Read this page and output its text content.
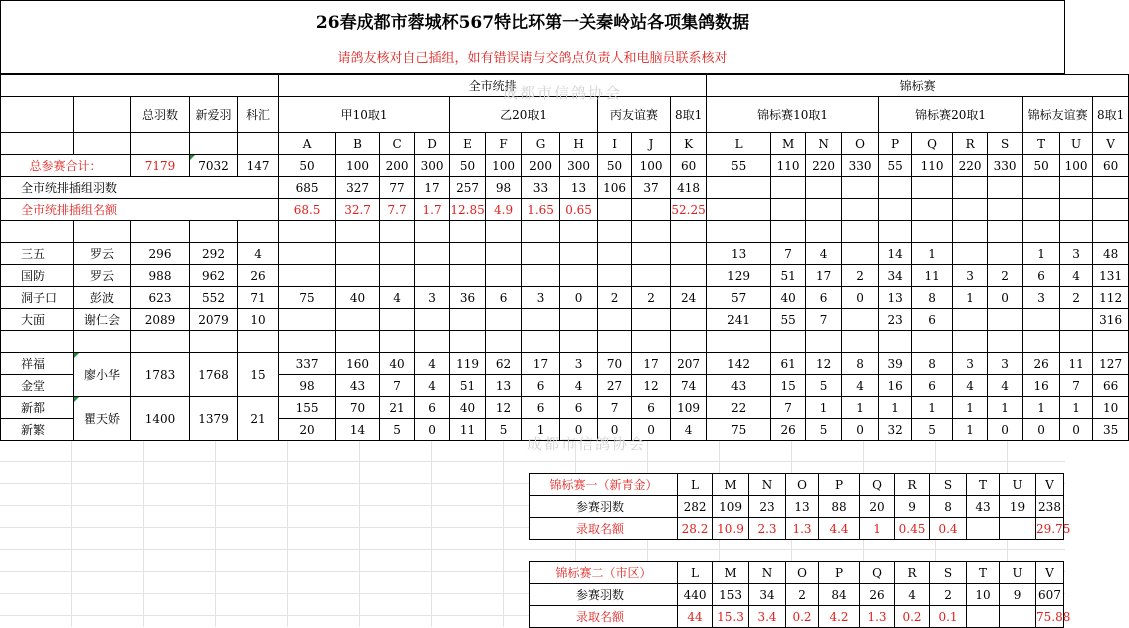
26春成都市蓉城杯567特比环第一关秦岭站各项集鸽数据
请鸽友核对自己插组，如有错误请与交鸽点负责人和电脑员联系核对
					全市统排											锦标赛										
		总羽数	新爱羽	科汇	甲10取1				乙20取1				丙友谊赛		8取1	锦标赛10取1				锦标赛20取1				锦标友谊赛		8取1
					A	B	C	D	E	F	G	H	I	J	K	L	M	N	O	P	Q	R	S	T	U	V
总参赛合计：		7179	7032	147	50	100	200	300	50	100	200	300	50	100	60	55	110	220	330	55	110	220	330	50	100	60
全市统排插组羽数					685	327	77	17	257	98	33	13	106	37	418											
全市统排插组名额					68.5	32.7	7.7	1.7	12.85	4.9	1.65	0.65			52.25											

三五	罗云	296	292	4												13	7	4		14	1			1	3	48
国防	罗云	988	962	26												129	51	17	2	34	11	3	2	6	4	131
洞子口	彭波	623	552	71	75	40	4	3	36	6	3	0	2	2	24	57	40	6	0	13	8	1	0	3	2	112
大面	谢仁会	2089	2079	10												241	55	7		23	6					316

祥福	廖小华	1783	1768	15	337	160	40	4	119	62	17	3	70	17	207	142	61	12	8	39	8	3	3	26	11	127
金堂					98	43	7	4	51	13	6	4	27	12	74	43	15	5	4	16	6	4	4	16	7	66
新都	瞿天娇	1400	1379	21	155	70	21	6	40	12	6	6	7	6	109	22	7	1	1	1	1	1	1	1	1	10
新繁					20	14	5	0	11	5	1	0	0	0	4	75	26	5	0	32	5	1	0	0	0	35
锦标赛一（新青金）	L	M	N	O	P	Q	R	S	T	U	V
参赛羽数	282	109	23	13	88	20	9	8	43	19	238
录取名额	28.2	10.9	2.3	1.3	4.4	1	0.45	0.4			29.75
锦标赛二（市区）	L	M	N	O	P	Q	R	S	T	U	V
参赛羽数	440	153	34	2	84	26	4	2	10	9	607
录取名额	44	15.3	3.4	0.2	4.2	1.3	0.2	0.1			75.88
成都市信鸽协会
成都市信鸽协会
